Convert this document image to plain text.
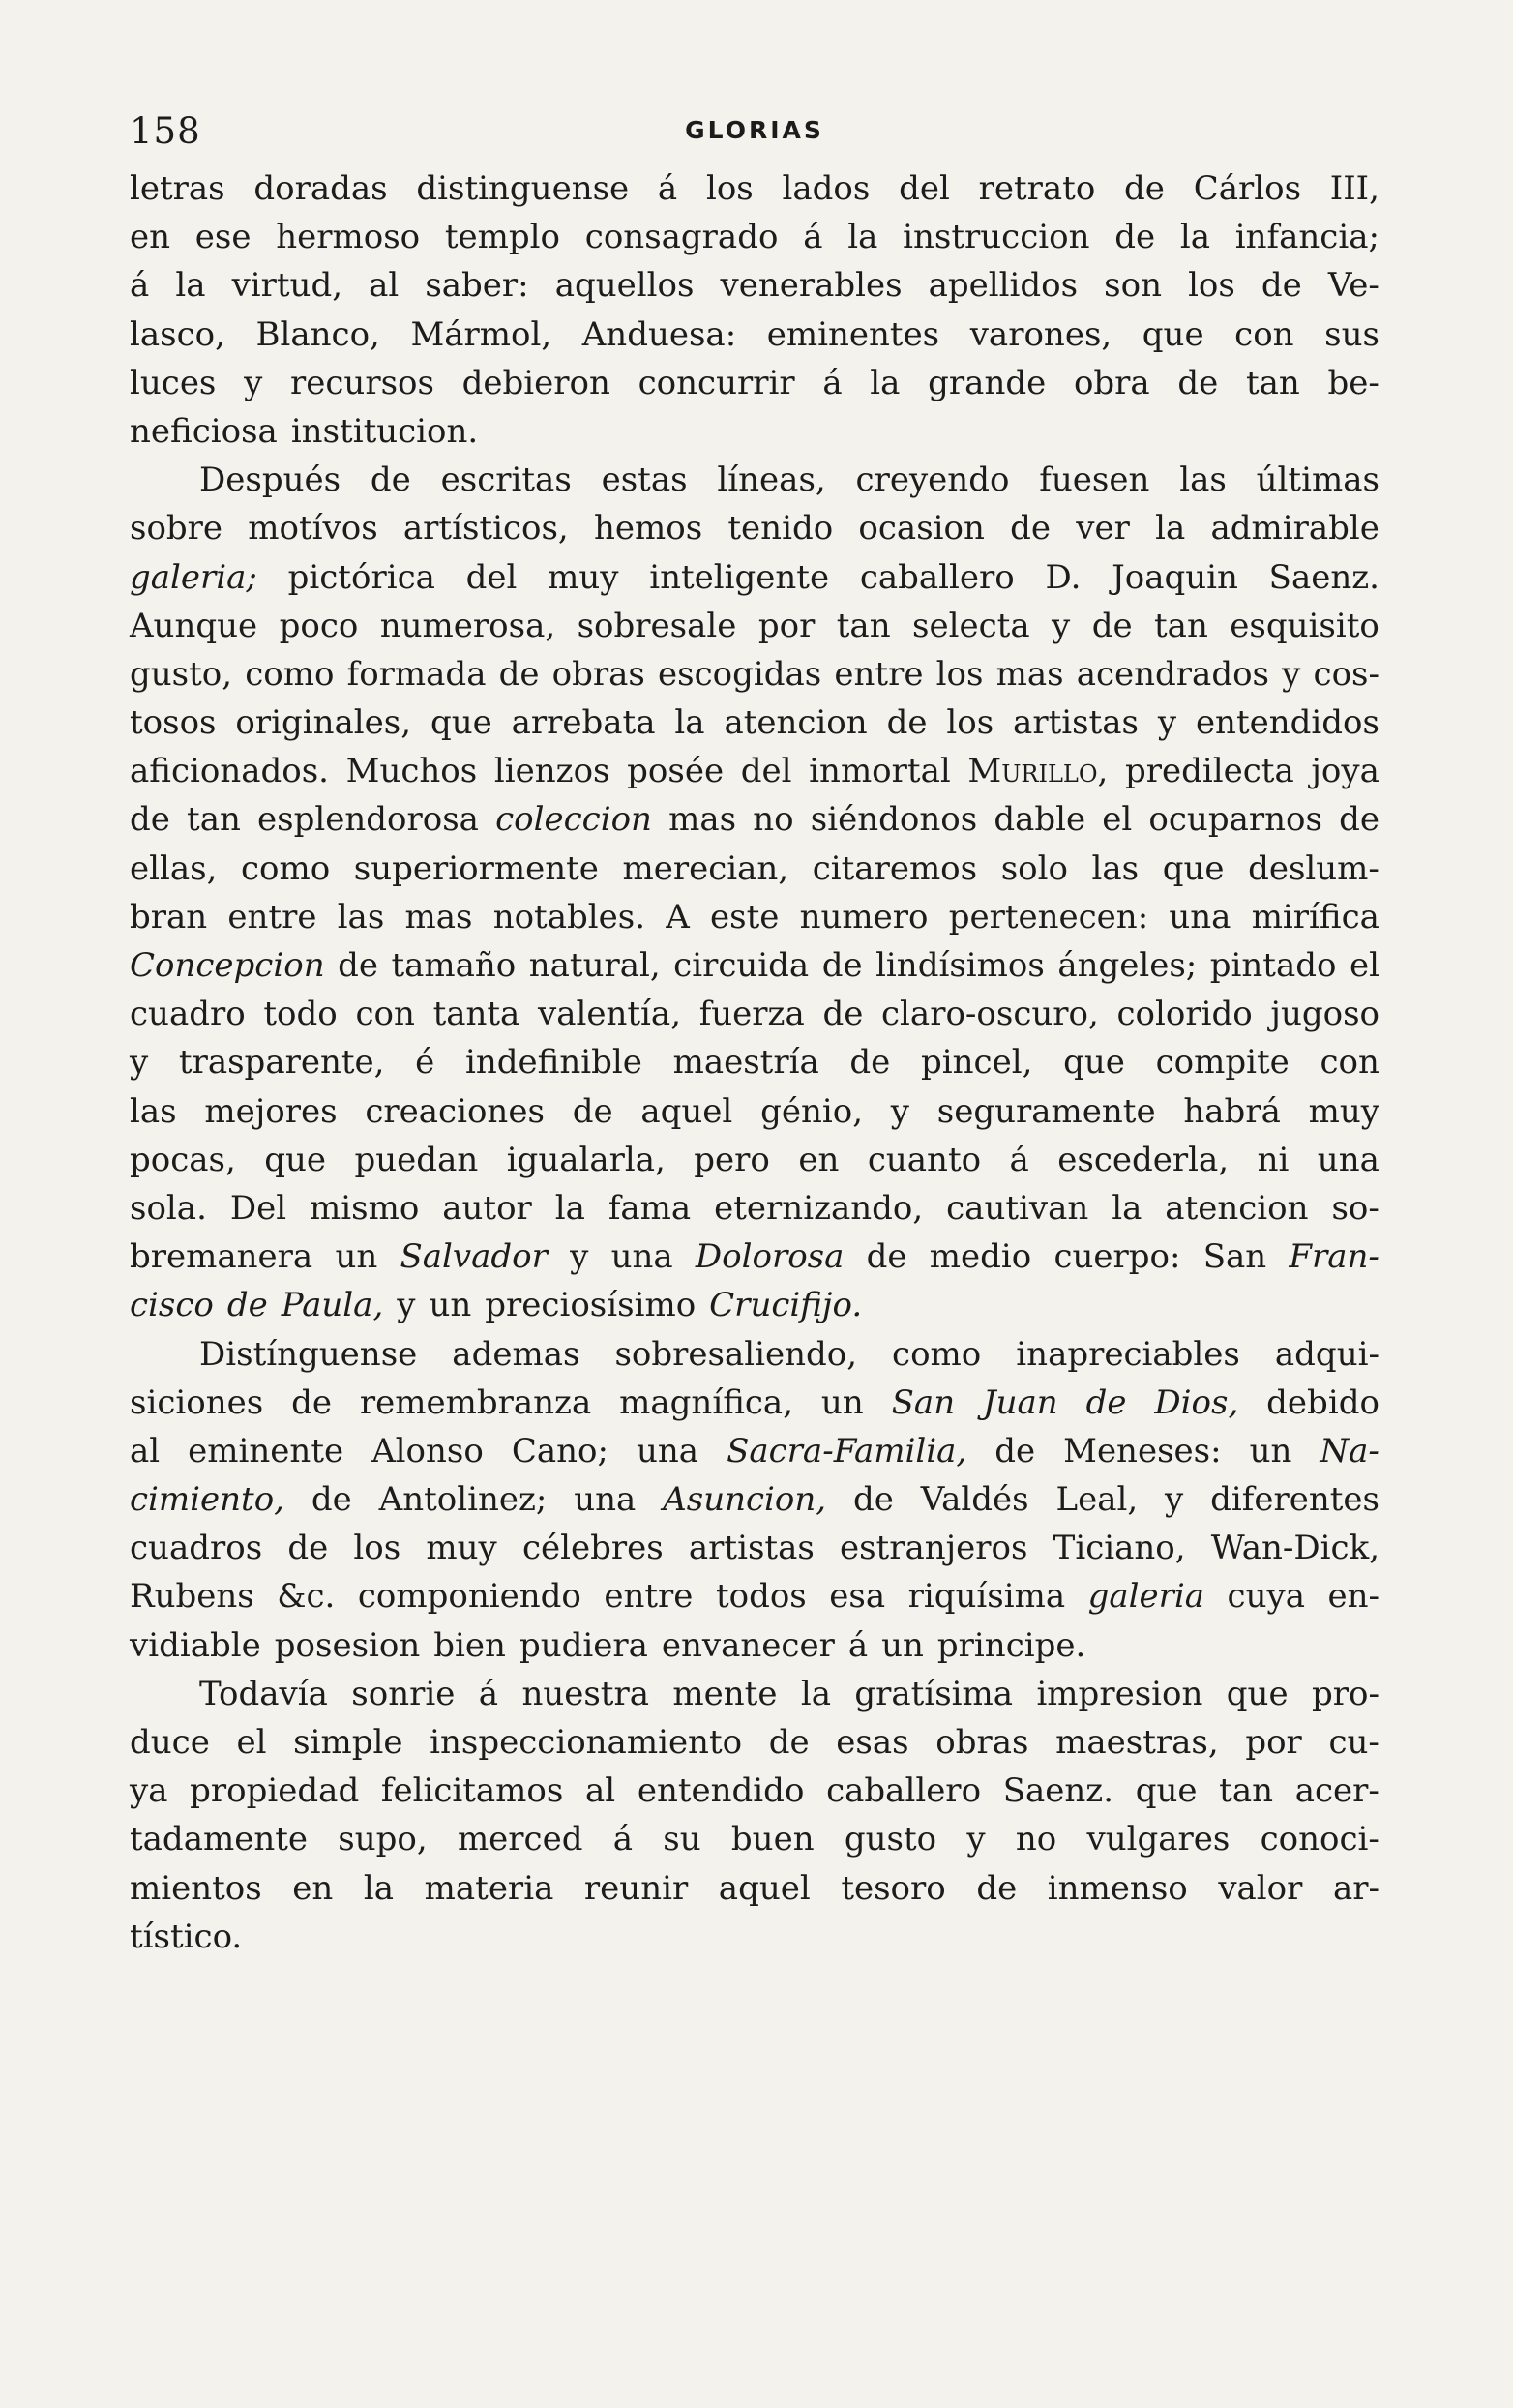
158	GLORIAS
letras doradas distinguense á los lados del retrato de Cárlos III,
en ese hermoso templo consagrado á la instruccion de la infancia;
á la virtud, al saber: aquellos venerables apellidos son los de Ve-
lasco, Blanco, Mármol, Anduesa: eminentes varones, que con sus
luces y recursos debieron concurrir á la grande obra de tan be-
neficiosa institucion.
Después de escritas estas líneas, creyendo fuesen las últimas
sobre motívos artísticos, hemos tenido ocasion de ver la admirable
galeria; pictórica del muy inteligente caballero D. Joaquin Saenz.
Aunque poco numerosa, sobresale por tan selecta y de tan esquisito
gusto, como formada de obras escogidas entre los mas acendrados y cos-
tosos originales, que arrebata la atencion de los artistas y entendidos
aficionados. Muchos lienzos posée del inmortal Murillo, predilecta joya
de tan esplendorosa coleccion mas no siéndonos dable el ocuparnos de
ellas, como superiormente merecian, citaremos solo las que deslum-
bran entre las mas notables. A este numero pertenecen: una mirífica
Concepcion de tamaño natural, circuida de lindísimos ángeles; pintado el
cuadro todo con tanta valentía, fuerza de claro-oscuro, colorido jugoso
y trasparente, é indefinible maestría de pincel, que compite con
las mejores creaciones de aquel génio, y seguramente habrá muy
pocas, que puedan igualarla, pero en cuanto á escederla, ni una
sola. Del mismo autor la fama eternizando, cautivan la atencion so-
bremanera un Salvador y una Dolorosa de medio cuerpo: San Fran-
cisco de Paula, y un preciosísimo Crucifijo.
Distínguense ademas sobresaliendo, como inapreciables adqui-
siciones de remembranza magnífica, un San Juan de Dios, debido
al eminente Alonso Cano; una Sacra-Familia, de Meneses: un Na-
cimiento, de Antolinez; una Asuncion, de Valdés Leal, y diferentes
cuadros de los muy célebres artistas estranjeros Ticiano, Wan-Dick,
Rubens &c. componiendo entre todos esa riquísima galeria cuya en-
vidiable posesion bien pudiera envanecer á un principe.
Todavía sonrie á nuestra mente la gratísima impresion que pro-
duce el simple inspeccionamiento de esas obras maestras, por cu-
ya propiedad felicitamos al entendido caballero Saenz. que tan acer-
tadamente supo, merced á su buen gusto y no vulgares conoci-
mientos en la materia reunir aquel tesoro de inmenso valor ar-
tístico.
